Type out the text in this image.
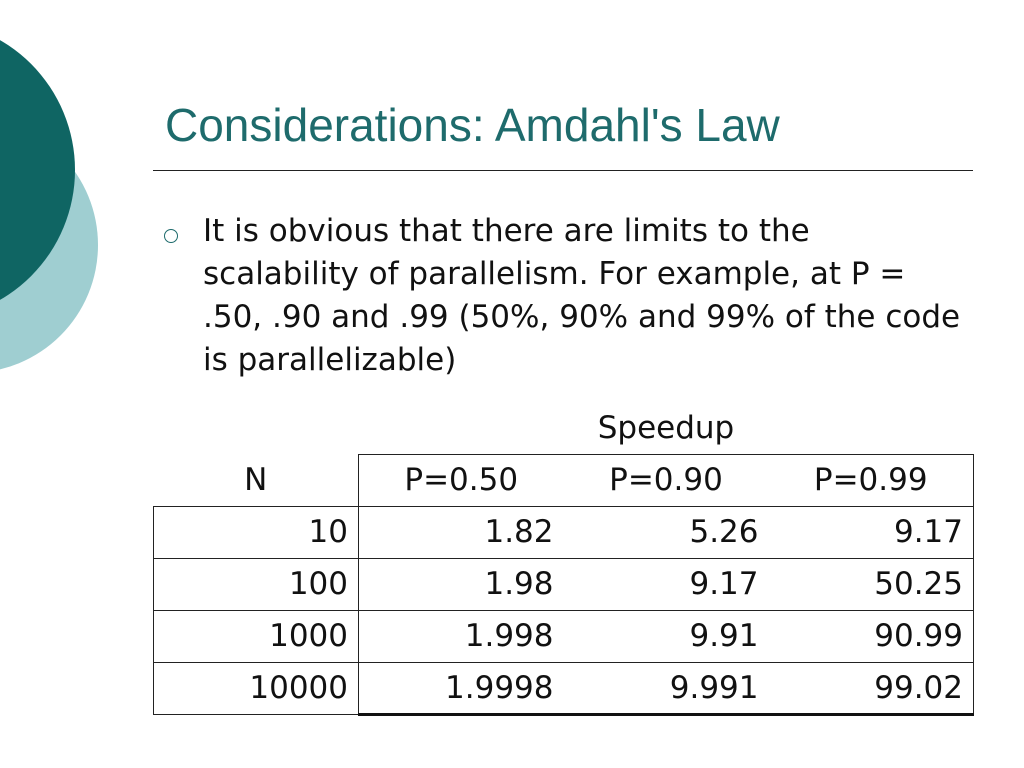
Considerations: Amdahl's Law
It is obvious that there are limits to the scalability of parallelism. For example, at P = .50, .90 and .99 (50%, 90% and 99% of the code is parallelizable)
		Speedup	
N	P=0.50	P=0.90	P=0.99
10	1.82	5.26	9.17
100	1.98	9.17	50.25
1000	1.998	9.91	90.99
10000	1.9998	9.991	99.02
